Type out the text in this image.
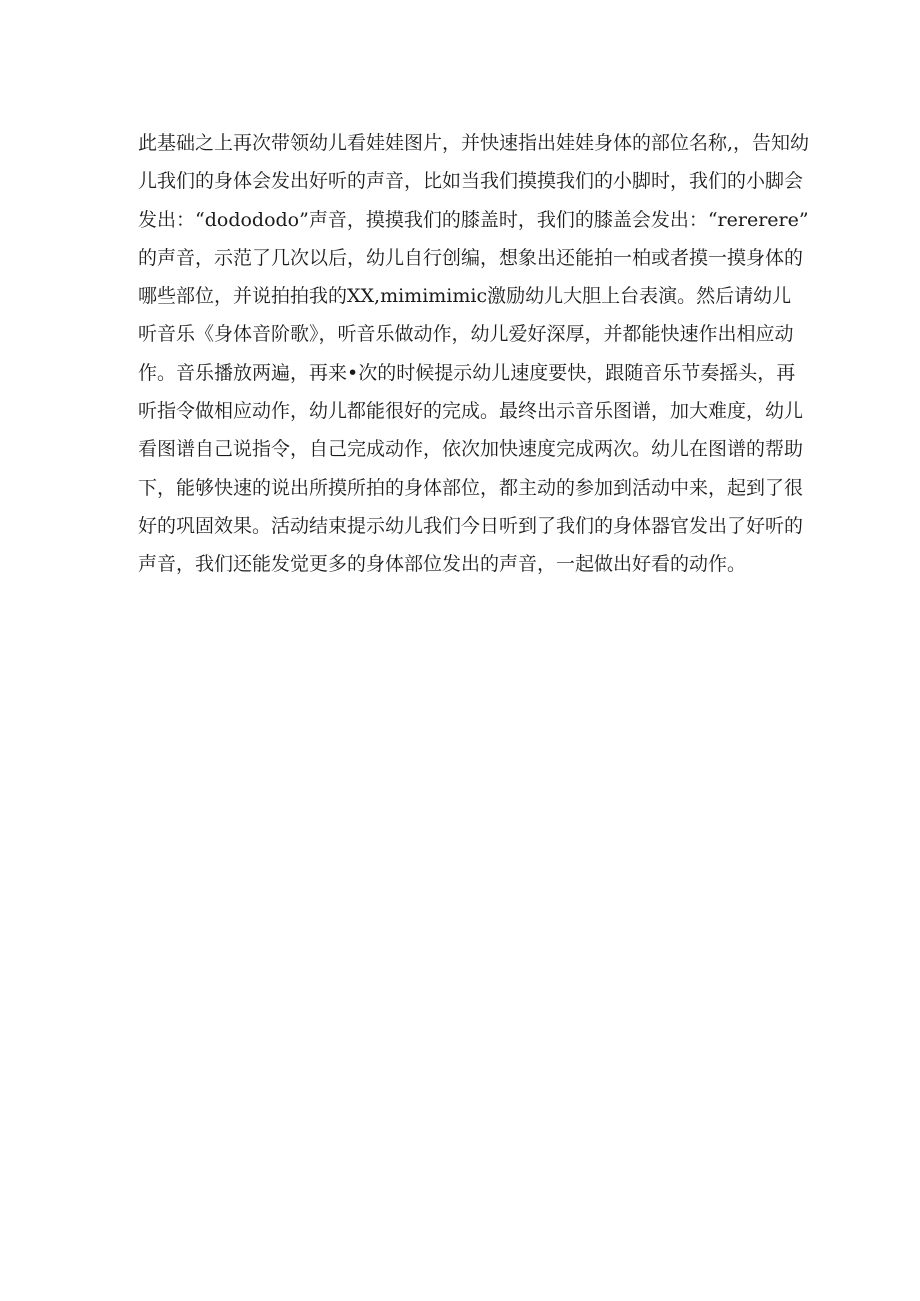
此基础之上再次带领幼儿看娃娃图片，并快速指出娃娃身体的部位名称,，告知幼
儿我们的身体会发出好听的声音，比如当我们摸摸我们的小脚时，我们的小脚会
发出：“dodododo”声音，摸摸我们的膝盖时，我们的膝盖会发出：“rererere”
的声音，示范了几次以后，幼儿自行创编，想象出还能拍一柏或者摸一摸身体的
哪些部位，并说拍拍我的XX,mimimimic激励幼儿大胆上台表演。然后请幼儿
听音乐《身体音阶歌》，听音乐做动作，幼儿爱好深厚，并都能快速作出相应动
作。音乐播放两遍，再来•次的时候提示幼儿速度要快，跟随音乐节奏摇头，再
听指令做相应动作，幼儿都能很好的完成。最终出示音乐图谱，加大难度，幼儿
看图谱自己说指令，自己完成动作，依次加快速度完成两次。幼儿在图谱的帮助
下，能够快速的说出所摸所拍的身体部位，都主动的参加到活动中来，起到了很
好的巩固效果。活动结束提示幼儿我们今日听到了我们的身体器官发出了好听的
声音，我们还能发觉更多的身体部位发出的声音，一起做出好看的动作。
